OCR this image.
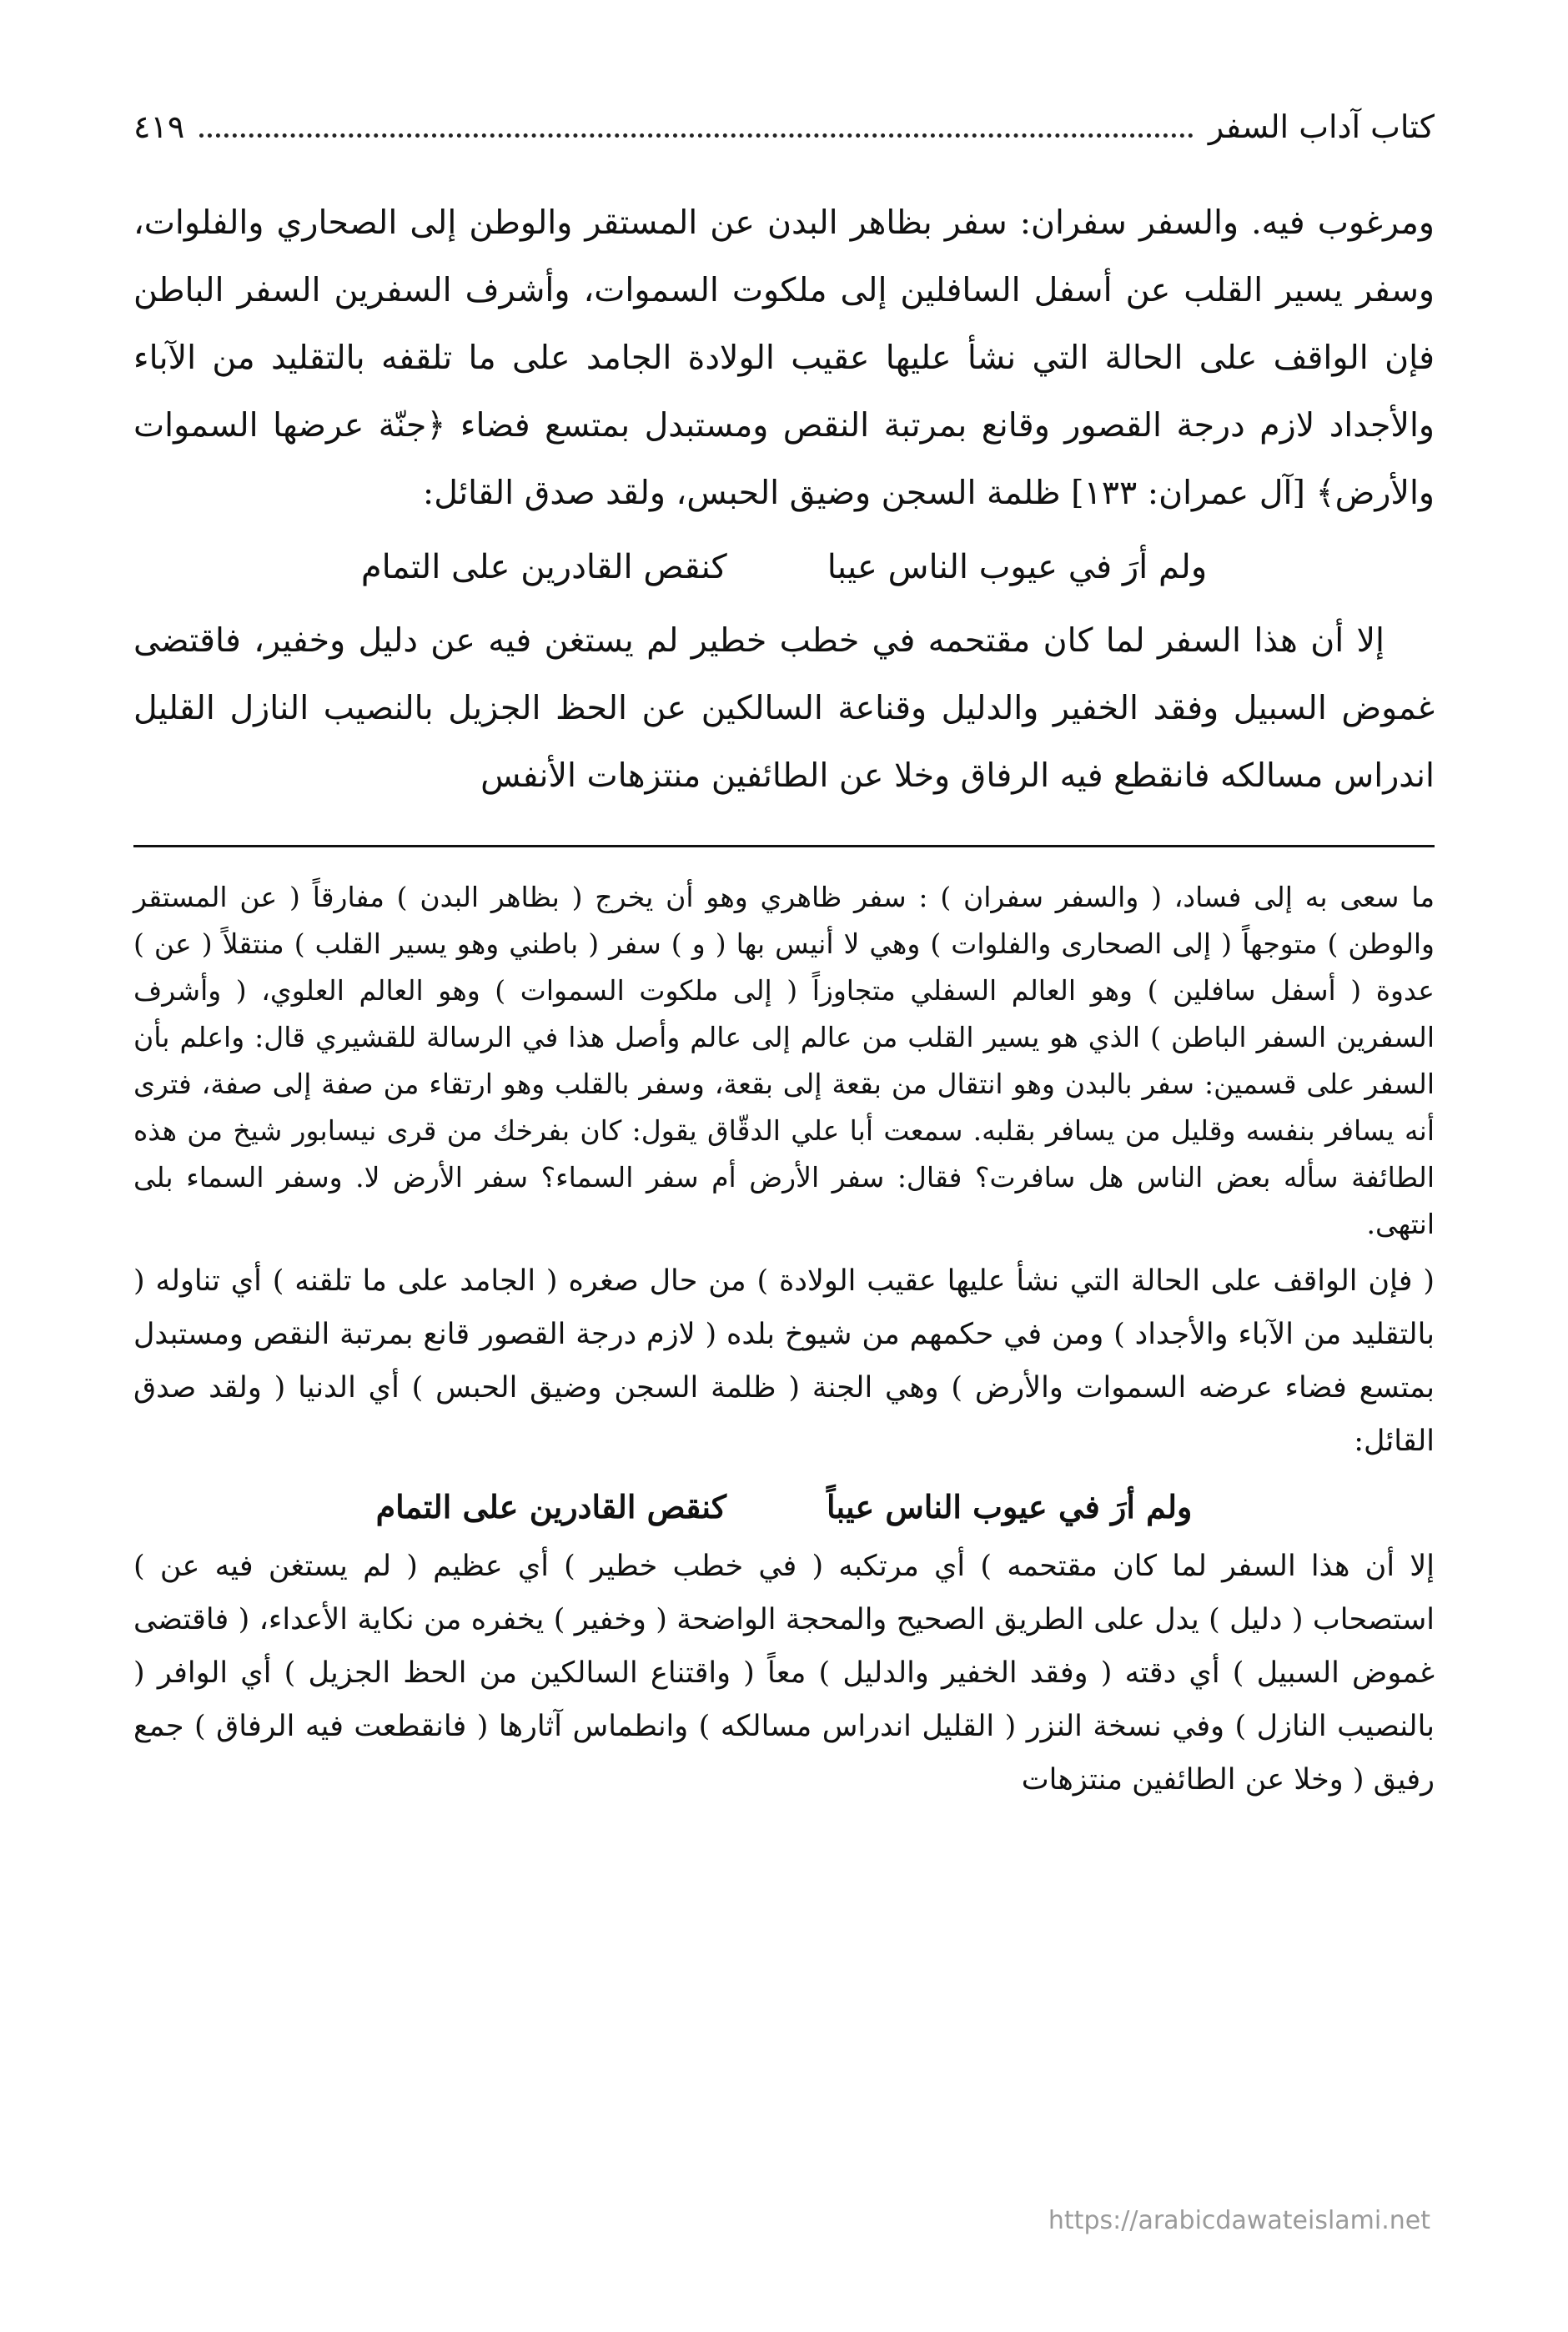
كتاب آداب السفر
٤١٩

ومرغوب فيه. والسفر سفران: سفر بظاهر البدن عن المستقر والوطن إلى الصحاري والفلوات، وسفر يسير القلب عن أسفل السافلين إلى ملكوت السموات، وأشرف السفرين السفر الباطن فإن الواقف على الحالة التي نشأ عليها عقيب الولادة الجامد على ما تلقفه بالتقليد من الآباء والأجداد لازم درجة القصور وقانع بمرتبة النقص ومستبدل بمتسع فضاء ﴿جنّة عرضها السموات والأرض﴾ [آل عمران: ١٣٣] ظلمة السجن وضيق الحبس، ولقد صدق القائل:

ولم أرَ في عيوب الناس عيبا
كنقص القادرين على التمام

إلا أن هذا السفر لما كان مقتحمه في خطب خطير لم يستغن فيه عن دليل وخفير، فاقتضى غموض السبيل وفقد الخفير والدليل وقناعة السالكين عن الحظ الجزيل بالنصيب النازل القليل اندراس مسالكه فانقطع فيه الرفاق وخلا عن الطائفين منتزهات الأنفس

ما سعى به إلى فساد، ( والسفر سفران ) : سفر ظاهري وهو أن يخرج ( بظاهر البدن ) مفارقاً ( عن المستقر والوطن ) متوجهاً ( إلى الصحارى والفلوات ) وهي لا أنيس بها ( و ) سفر ( باطني وهو يسير القلب ) منتقلاً ( عن ) عدوة ( أسفل سافلين ) وهو العالم السفلي متجاوزاً ( إلى ملكوت السموات ) وهو العالم العلوي، ( وأشرف السفرين السفر الباطن ) الذي هو يسير القلب من عالم إلى عالم وأصل هذا في الرسالة للقشيري قال: واعلم بأن السفر على قسمين: سفر بالبدن وهو انتقال من بقعة إلى بقعة، وسفر بالقلب وهو ارتقاء من صفة إلى صفة، فترى أنه يسافر بنفسه وقليل من يسافر بقلبه. سمعت أبا علي الدقّاق يقول: كان بفرخك من قرى نيسابور شيخ من هذه الطائفة سأله بعض الناس هل سافرت؟ فقال: سفر الأرض أم سفر السماء؟ سفر الأرض لا. وسفر السماء بلى انتهى.

( فإن الواقف على الحالة التي نشأ عليها عقيب الولادة ) من حال صغره ( الجامد على ما تلقنه ) أي تناوله ( بالتقليد من الآباء والأجداد ) ومن في حكمهم من شيوخ بلده ( لازم درجة القصور قانع بمرتبة النقص ومستبدل بمتسع فضاء عرضه السموات والأرض ) وهي الجنة ( ظلمة السجن وضيق الحبس ) أي الدنيا ( ولقد صدق القائل:

ولم أرَ في عيوب الناس عيباً
كنقص القادرين على التمام

إلا أن هذا السفر لما كان مقتحمه ) أي مرتكبه ( في خطب خطير ) أي عظيم ( لم يستغن فيه عن ) استصحاب ( دليل ) يدل على الطريق الصحيح والمحجة الواضحة ( وخفير ) يخفره من نكاية الأعداء، ( فاقتضى غموض السبيل ) أي دقته ( وفقد الخفير والدليل ) معاً ( واقتناع السالكين من الحظ الجزيل ) أي الوافر ( بالنصيب النازل ) وفي نسخة النزر ( القليل اندراس مسالكه ) وانطماس آثارها ( فانقطعت فيه الرفاق ) جمع رفيق ( وخلا عن الطائفين منتزهات

https://arabicdawateislami.net
